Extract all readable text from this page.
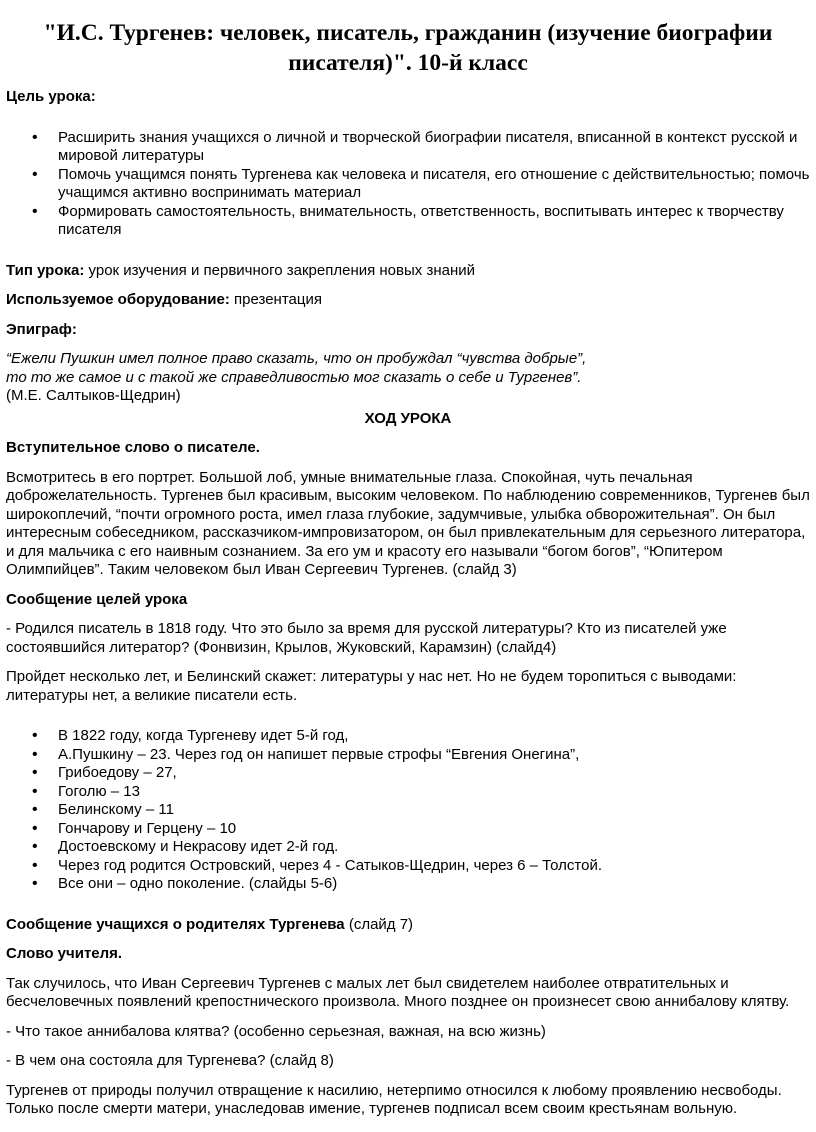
"И.С. Тургенев: человек, писатель, гражданин (изучение биографии писателя)". 10-й класс

Цель урока:

• Расширить знания учащихся о личной и творческой биографии писателя, вписанной в контекст русской и мировой литературы
• Помочь учащимся понять Тургенева как человека и писателя, его отношение с действительностью; помочь учащимся активно воспринимать материал
• Формировать самостоятельность, внимательность, ответственность, воспитывать интерес к творчеству писателя

Тип урока: урок изучения и первичного закрепления новых знаний

Используемое оборудование: презентация

Эпиграф:

“Ежели Пушкин имел полное право сказать, что он пробуждал “чувства добрые”,
то то же самое и с такой же справедливостью мог сказать о себе и Тургенев”.
(М.Е. Салтыков-Щедрин)

ХОД УРОКА

Вступительное слово о писателе.

Всмотритесь в его портрет. Большой лоб, умные внимательные глаза. Спокойная, чуть печальная доброжелательность. Тургенев был красивым, высоким человеком. По наблюдению современников, Тургенев был широкоплечий, “почти огромного роста, имел глаза глубокие, задумчивые, улыбка обворожительная”. Он был интересным собеседником, рассказчиком-импровизатором, он был привлекательным для серьезного литератора, и для мальчика с его наивным сознанием. За его ум и красоту его называли “богом богов”, “Юпитером Олимпийцев”. Таким человеком был Иван Сергеевич Тургенев. (слайд 3)

Сообщение целей урока

- Родился писатель в 1818 году. Что это было за время для русской литературы? Кто из писателей уже состоявшийся литератор? (Фонвизин, Крылов, Жуковский, Карамзин) (слайд4)

Пройдет несколько лет, и Белинский скажет: литературы у нас нет. Но не будем торопиться с выводами: литературы нет, а великие писатели есть.

• В 1822 году, когда Тургеневу идет 5-й год,
• А.Пушкину – 23. Через год он напишет первые строфы “Евгения Онегина”,
• Грибоедову – 27,
• Гоголю – 13
• Белинскому – 11
• Гончарову и Герцену – 10
• Достоевскому и Некрасову идет 2-й год.
• Через год родится Островский, через 4 - Сатыков-Щедрин, через 6 – Толстой.
• Все они – одно поколение. (слайды 5-6)

Сообщение учащихся о родителях Тургенева (слайд 7)

Слово учителя.

Так случилось, что Иван Сергеевич Тургенев с малых лет был свидетелем наиболее отвратительных и бесчеловечных появлений крепостнического произвола. Много позднее он произнесет свою аннибалову клятву.

- Что такое аннибалова клятва? (особенно серьезная, важная, на всю жизнь)

- В чем она состояла для Тургенева? (слайд 8)

Тургенев от природы получил отвращение к насилию, нетерпимо относился к любому проявлению несвободы. Только после смерти матери, унаследовав имение, тургенев подписал всем своим крестьянам вольную.
